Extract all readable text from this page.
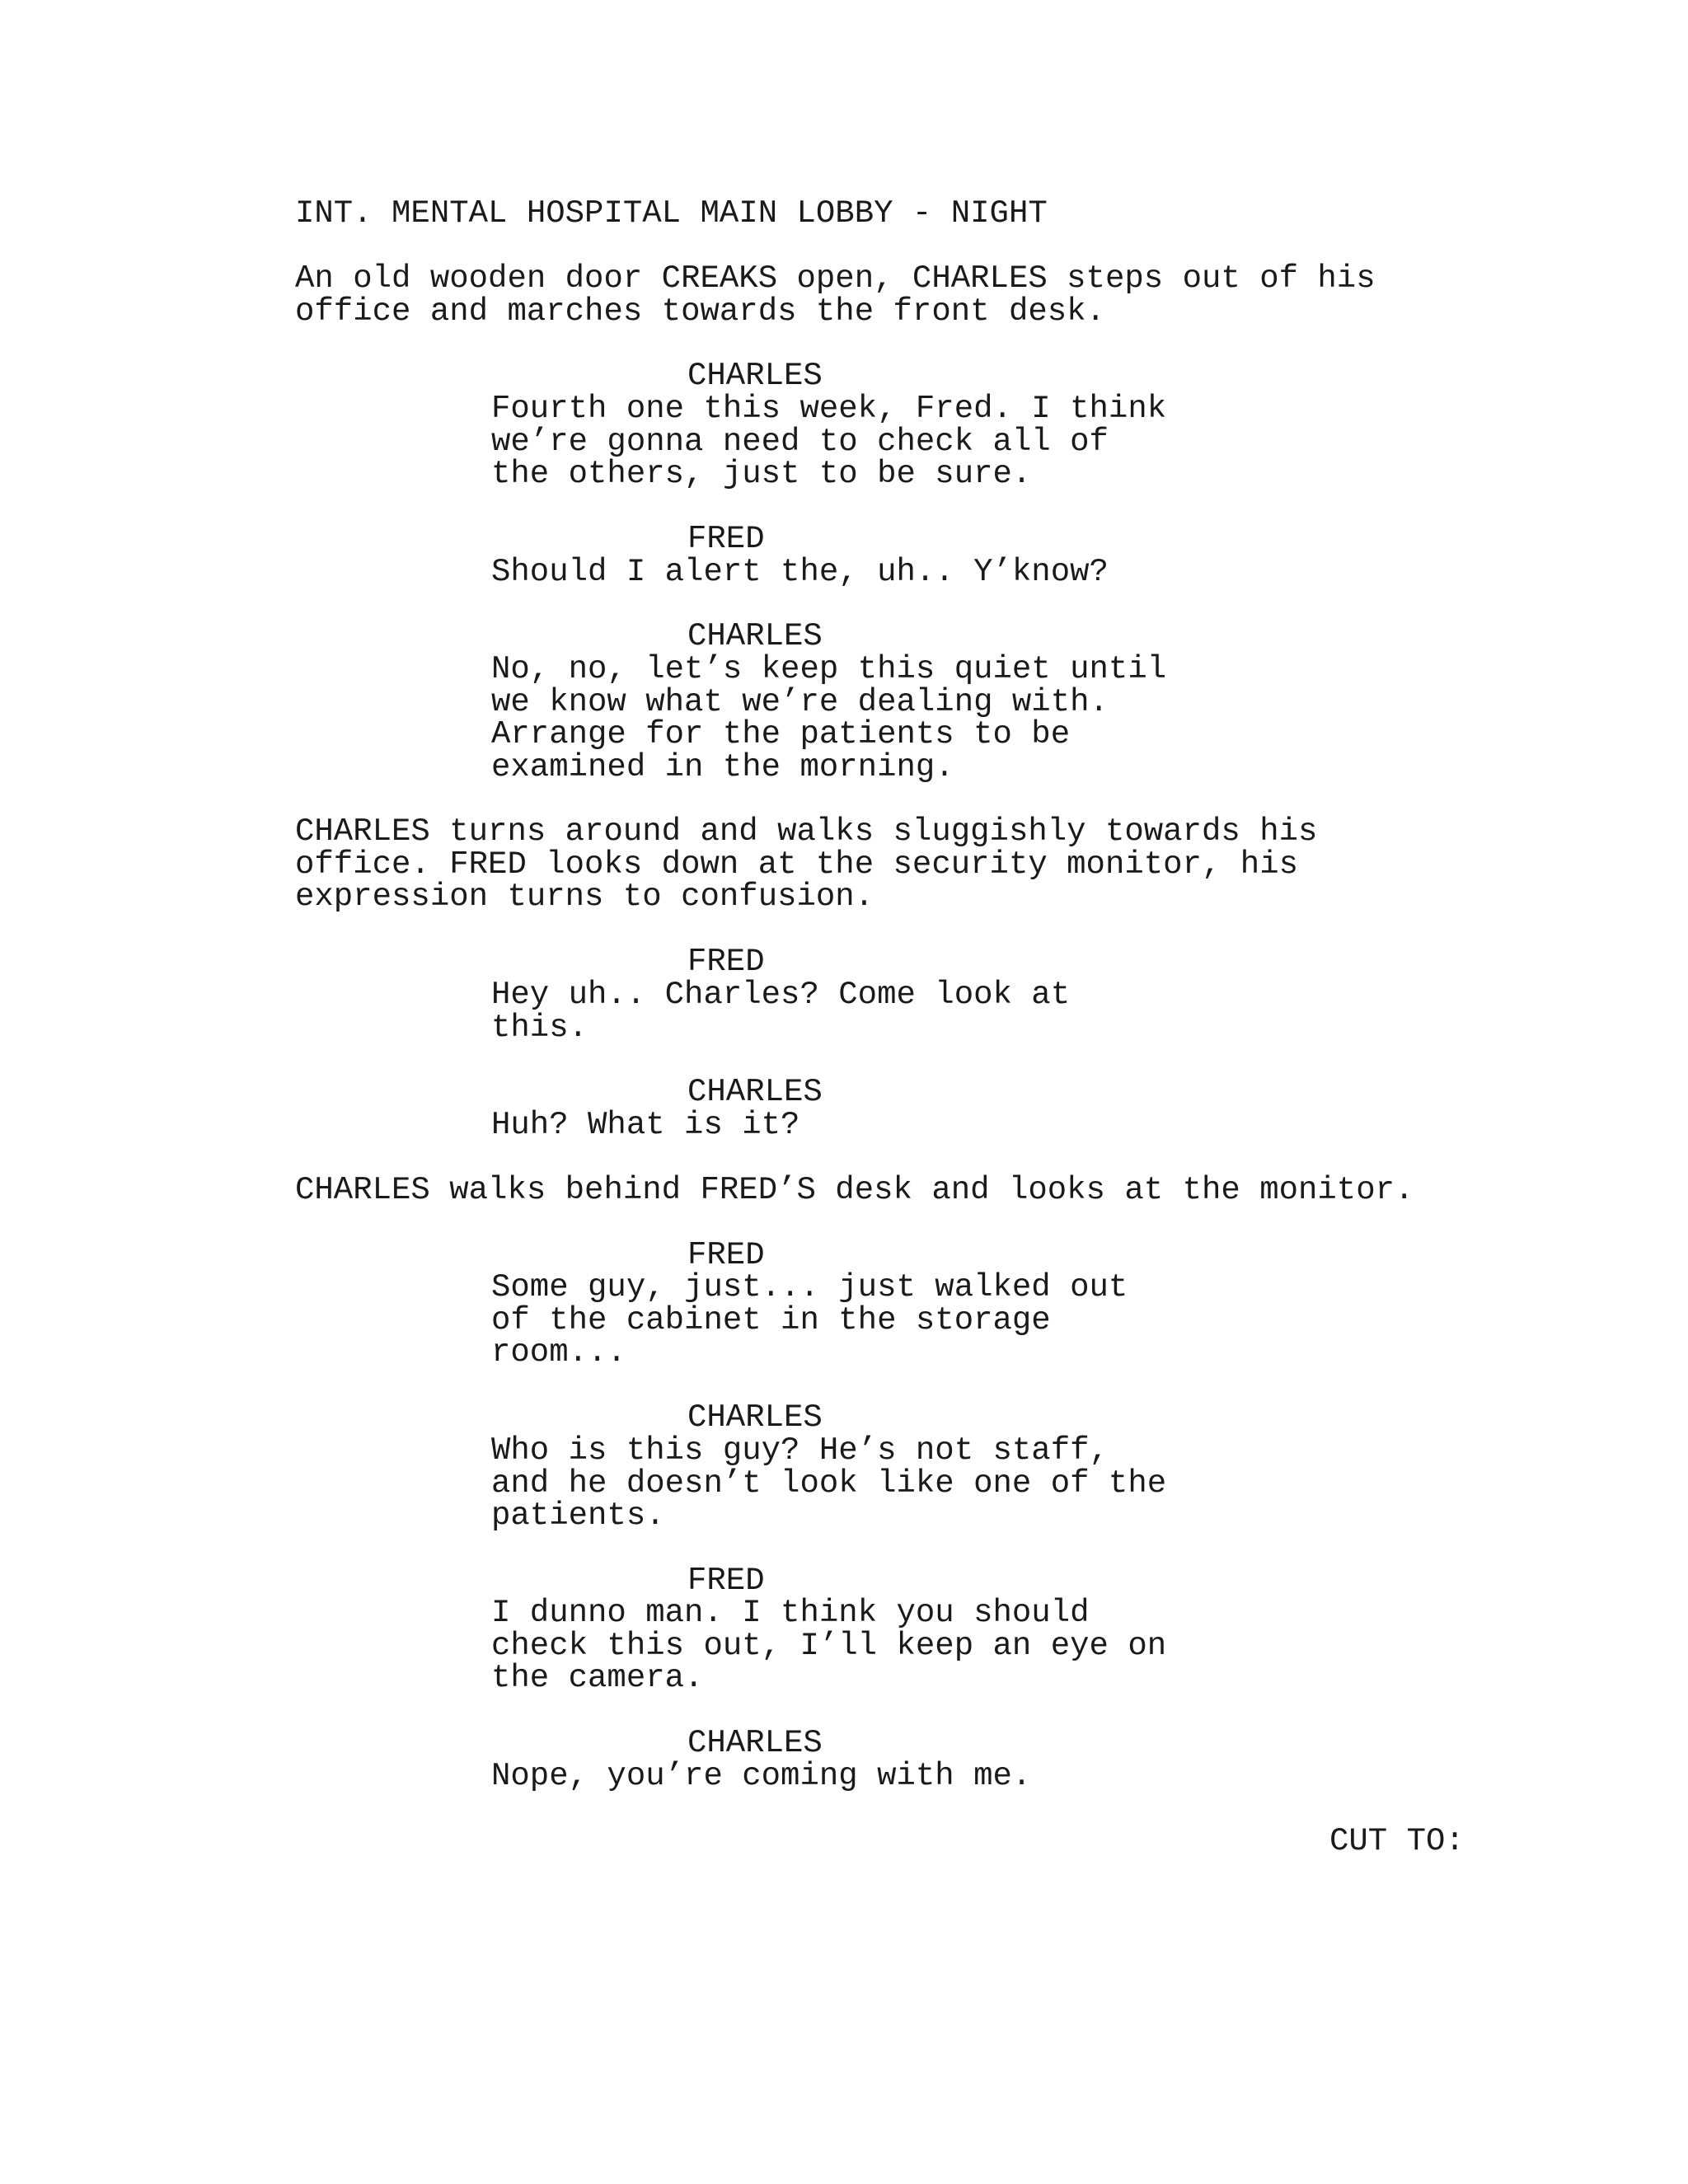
INT. MENTAL HOSPITAL MAIN LOBBY - NIGHT
An old wooden door CREAKS open, CHARLES steps out of his
office and marches towards the front desk.
CHARLES
Fourth one this week, Fred. I think
we’re gonna need to check all of
the others, just to be sure.
FRED
Should I alert the, uh.. Y’know?
CHARLES
No, no, let’s keep this quiet until
we know what we’re dealing with.
Arrange for the patients to be
examined in the morning.
CHARLES turns around and walks sluggishly towards his
office. FRED looks down at the security monitor, his
expression turns to confusion.
FRED
Hey uh.. Charles? Come look at
this.
CHARLES
Huh? What is it?
CHARLES walks behind FRED’S desk and looks at the monitor.
FRED
Some guy, just... just walked out
of the cabinet in the storage
room...
CHARLES
Who is this guy? He’s not staff,
and he doesn’t look like one of the
patients.
FRED
I dunno man. I think you should
check this out, I’ll keep an eye on
the camera.
CHARLES
Nope, you’re coming with me.
CUT TO:
